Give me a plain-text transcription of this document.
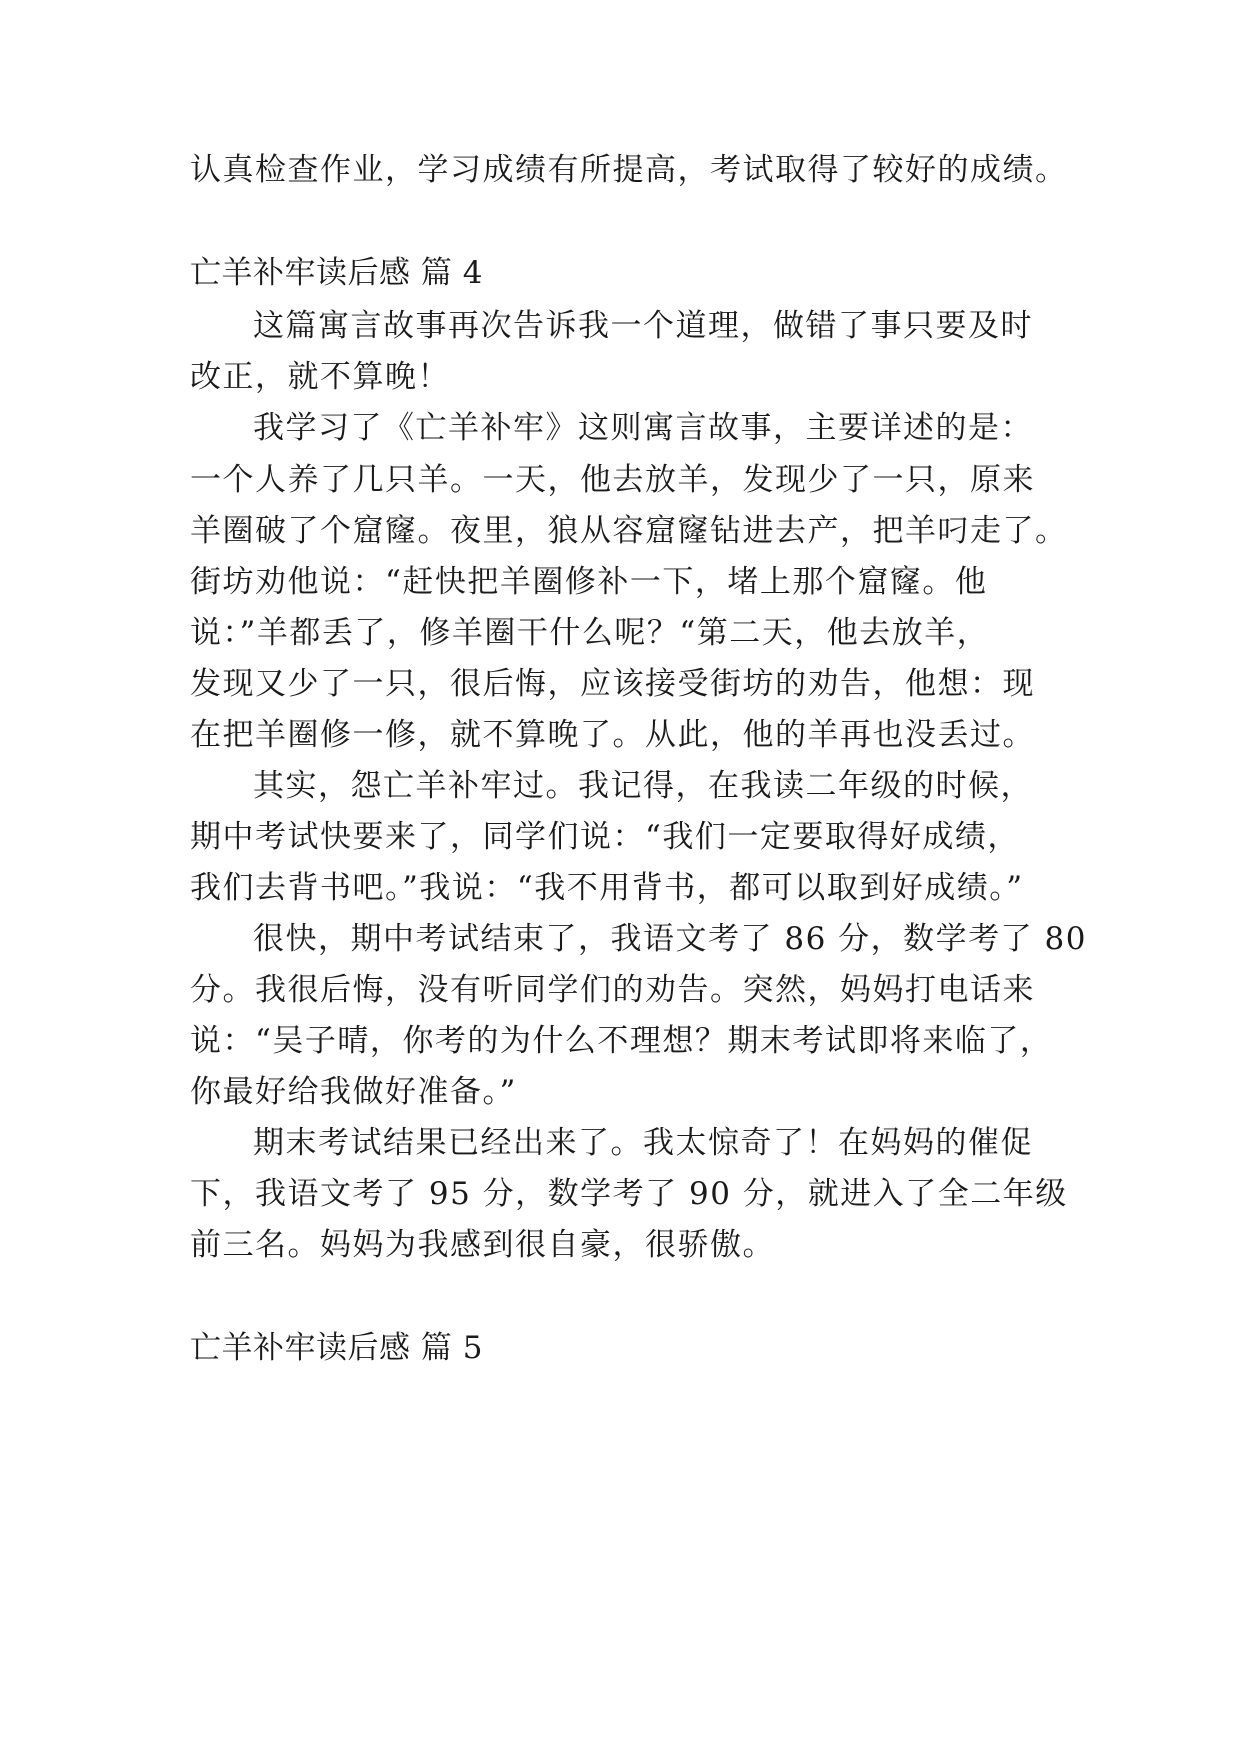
认真检查作业，学习成绩有所提高，考试取得了较好的成绩。
亡羊补牢读后感 篇 4
这篇寓言故事再次告诉我一个道理，做错了事只要及时
改正，就不算晚！
我学习了《亡羊补牢》这则寓言故事，主要详述的是：
一个人养了几只羊。一天，他去放羊，发现少了一只，原来
羊圈破了个窟窿。夜里，狼从容窟窿钻进去产，把羊叼走了。
街坊劝他说：“赶快把羊圈修补一下，堵上那个窟窿。他
说：”羊都丢了，修羊圈干什么呢？“第二天，他去放羊，
发现又少了一只，很后悔，应该接受街坊的劝告，他想：现
在把羊圈修一修，就不算晚了。从此，他的羊再也没丢过。
其实，怨亡羊补牢过。我记得，在我读二年级的时候，
期中考试快要来了，同学们说：“我们一定要取得好成绩，
我们去背书吧。”我说：“我不用背书，都可以取到好成绩。”
很快，期中考试结束了，我语文考了 86 分，数学考了 80
分。我很后悔，没有听同学们的劝告。突然，妈妈打电话来
说：“吴子晴，你考的为什么不理想？期末考试即将来临了，
你最好给我做好准备。”
期末考试结果已经出来了。我太惊奇了！在妈妈的催促
下，我语文考了 95 分，数学考了 90 分，就进入了全二年级
前三名。妈妈为我感到很自豪，很骄傲。
亡羊补牢读后感 篇 5
